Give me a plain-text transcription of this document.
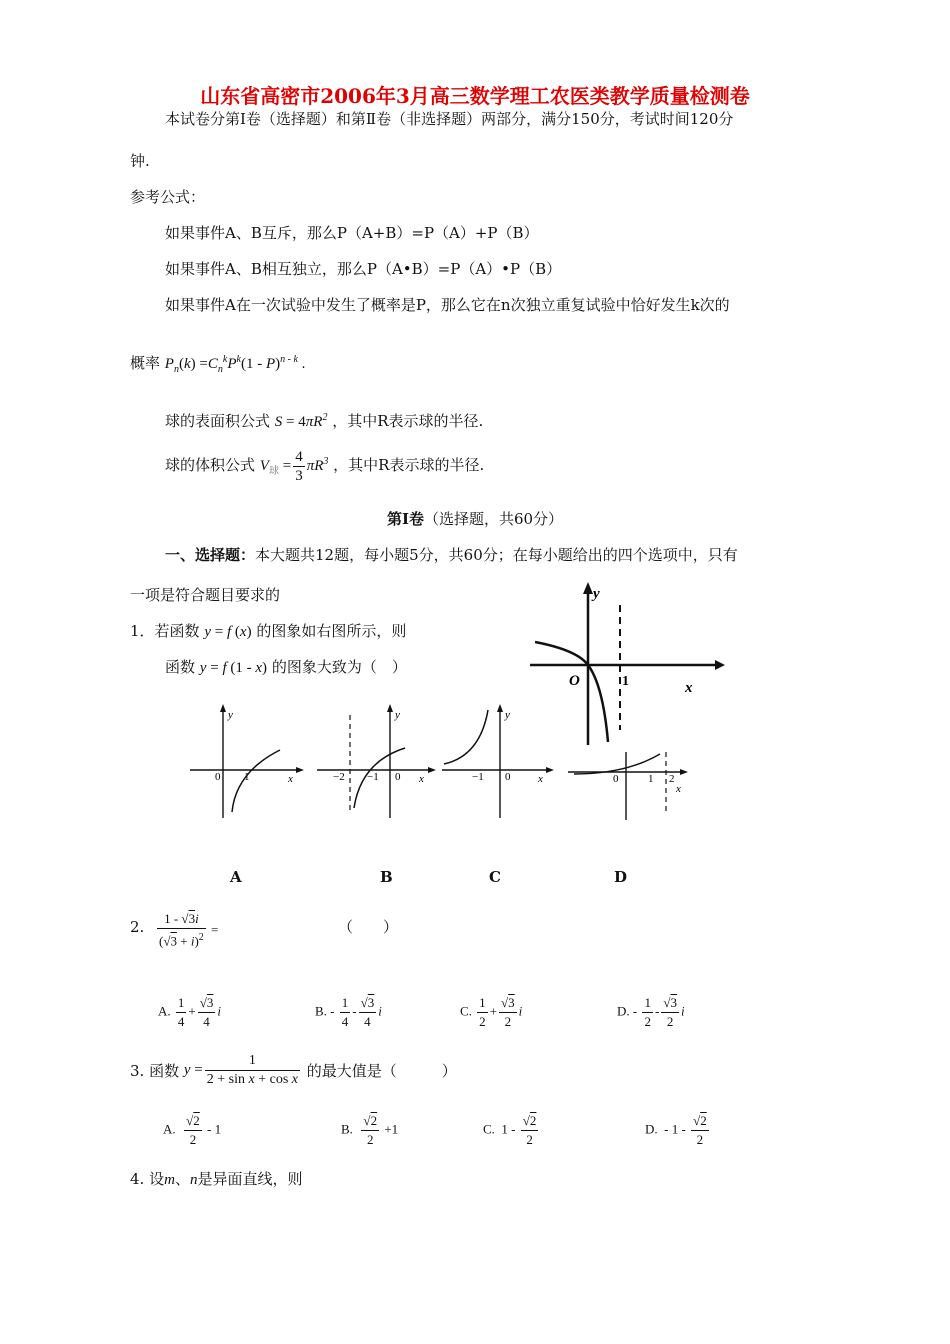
山东省高密市2006年3月高三数学理工农医类教学质量检测卷
本试卷分第Ⅰ卷（选择题）和第Ⅱ卷（非选择题）两部分，满分150分，考试时间120分
钟.
参考公式：
如果事件A、B互斥，那么P（A+B）=P（A）+P（B）
如果事件A、B相互独立，那么P（A•B）=P（A）•P（B）
如果事件A在一次试验中发生了概率是P，那么它在n次独立重复试验中恰好发生k次的
概率 $P_n(k) =C_n^kP^k(1 - P)^{n - k}$ .
球的表面积公式 $S = 4\pi R^2$ ，其中R表示球的半径.
球的体积公式 $V_球 = \frac{4}{3} \pi R^3$ ，其中R表示球的半径.
第Ⅰ卷（选择题，共60分）
一、选择题：本大题共12题，每小题5分，共60分；在每小题给出的四个选项中，只有
一项是符合题目要求的
1．若函数 y = f (x) 的图象如右图所示，则
函数 y = f (1 - x) 的图象大致为（　）
y
x
O	1
y
x
0 1
y
x
0
−2 −1
y
x
0
−1	0	1 2
x
A	B	C	D
2. $\frac{1 - √3i}{(√3 + i)^2}$ =	（　　）
A. $\frac{1}{4} + \frac{√3}{4}$ i	B. - $\frac{1}{4} - \frac{√3}{4}$ i	C. $\frac{1}{2} + \frac{√3}{2}$ i	D. - $\frac{1}{2} - \frac{√3}{2}$ i
3. 函数 $y = \frac{1}{\text{2 + sin x + cos x}}$ 的最大值是（　　　）
A. $\frac{√2}{2} - 1$	B. $\frac{√2}{2} +1$	C.  $1 - \frac{√2}{2}$	D.  - $1 - \frac{√2}{2}$
4. 设m、n是异面直线，则
